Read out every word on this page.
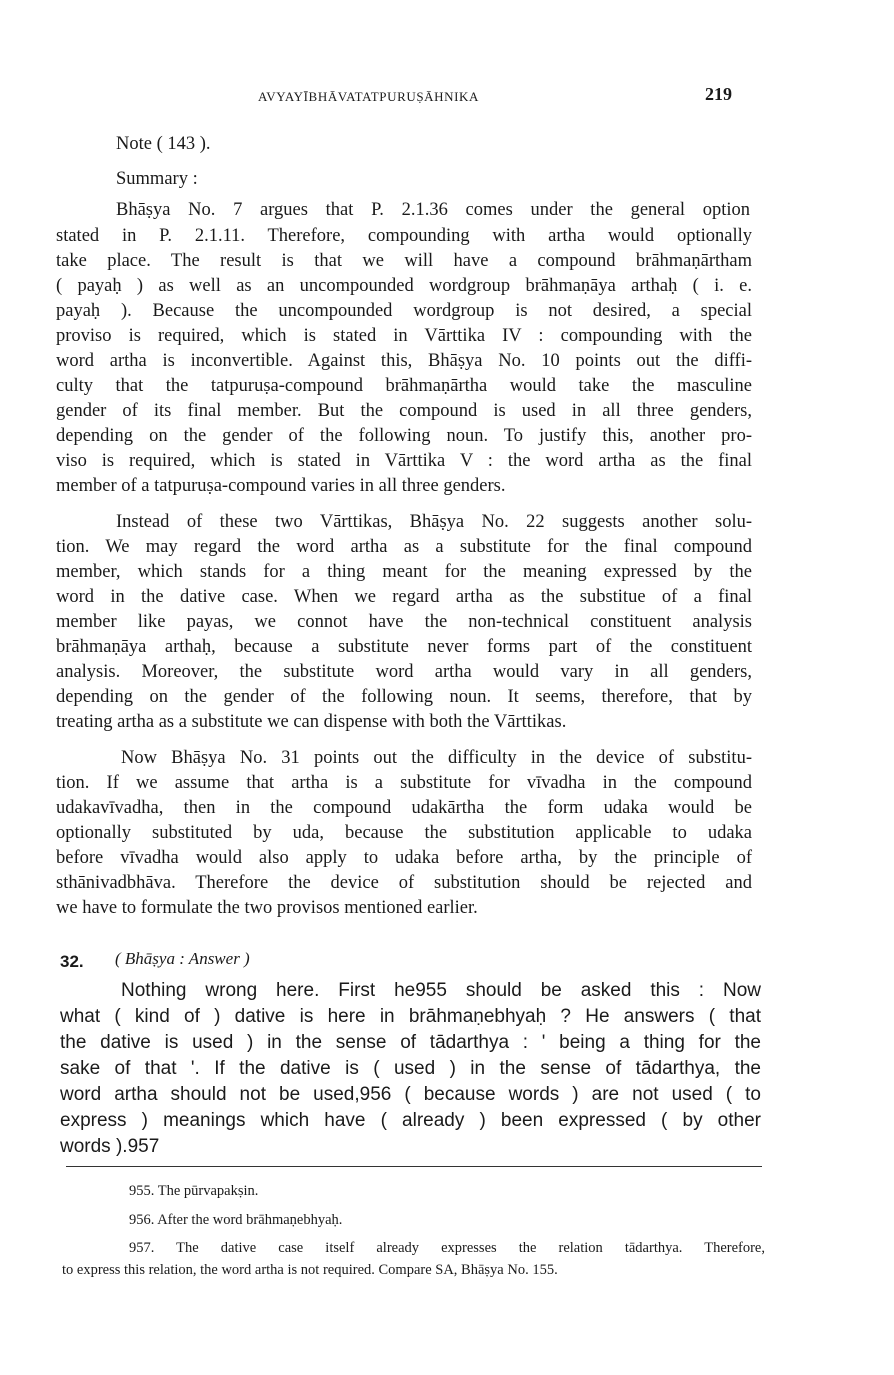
AVYAYĪBHĀVATATPURUṢĀHNIKA	219
Note ( 143 ).
Summary :
Bhāṣya No. 7 argues that P. 2.1.36 comes under the general option
stated in P. 2.1.11. Therefore, compounding with artha would optionally
take place. The result is that we will have a compound brāhmaṇārtham
( payaḥ ) as well as an uncompounded wordgroup brāhmaṇāya arthaḥ ( i. e.
payaḥ ). Because the uncompounded wordgroup is not desired, a special
proviso is required, which is stated in Vārttika IV : compounding with the
word artha is inconvertible. Against this, Bhāṣya No. 10 points out the diffi-
culty that the tatpuruṣa-compound brāhmaṇārtha would take the masculine
gender of its final member. But the compound is used in all three genders,
depending on the gender of the following noun. To justify this, another pro-
viso is required, which is stated in Vārttika V : the word artha as the final
member of a tatpuruṣa-compound varies in all three genders.
Instead of these two Vārttikas, Bhāṣya No. 22 suggests another solu-
tion. We may regard the word artha as a substitute for the final compound
member, which stands for a thing meant for the meaning expressed by the
word in the dative case. When we regard artha as the substitue of a final
member like payas, we connot have the non-technical constituent analysis
brāhmaṇāya arthaḥ, because a substitute never forms part of the constituent
analysis. Moreover, the substitute word artha would vary in all genders,
depending on the gender of the following noun. It seems, therefore, that by
treating artha as a substitute we can dispense with both the Vārttikas.
Now Bhāṣya No. 31 points out the difficulty in the device of substitu-
tion. If we assume that artha is a substitute for vīvadha in the compound
udakavīvadha, then in the compound udakārtha the form udaka would be
optionally substituted by uda, because the substitution applicable to udaka
before vīvadha would also apply to udaka before artha, by the principle of
sthānivadbhāva. Therefore the device of substitution should be rejected and
we have to formulate the two provisos mentioned earlier.
32. ( Bhāṣya : Answer )
Nothing wrong here. First he955 should be asked this : Now
what ( kind of ) dative is here in brāhmaṇebhyaḥ ? He answers ( that
the dative is used ) in the sense of tādarthya : ' being a thing for the
sake of that '. If the dative is ( used ) in the sense of tādarthya, the
word artha should not be used,956 ( because words ) are not used ( to
express ) meanings which have ( already ) been expressed ( by other
words ).957
955. The pūrvapakṣin.
956. After the word brāhmaṇebhyaḥ.
957. The dative case itself already expresses the relation tādarthya. Therefore,
to express this relation, the word artha is not required. Compare SA, Bhāṣya No. 155.
